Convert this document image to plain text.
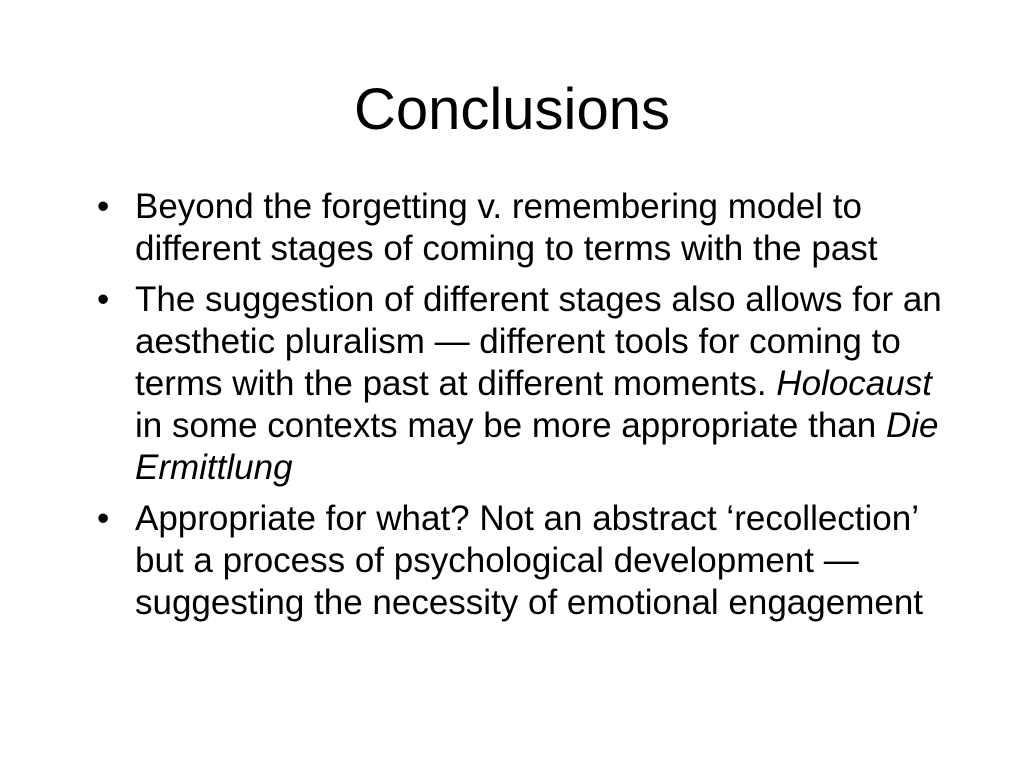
Conclusions
• Beyond the forgetting v. remembering model to different stages of coming to terms with the past
• The suggestion of different stages also allows for an aesthetic pluralism — different tools for coming to terms with the past at different moments. Holocaust in some contexts may be more appropriate than Die Ermittlung
• Appropriate for what? Not an abstract ‘recollection’ but a process of psychological development — suggesting the necessity of emotional engagement
